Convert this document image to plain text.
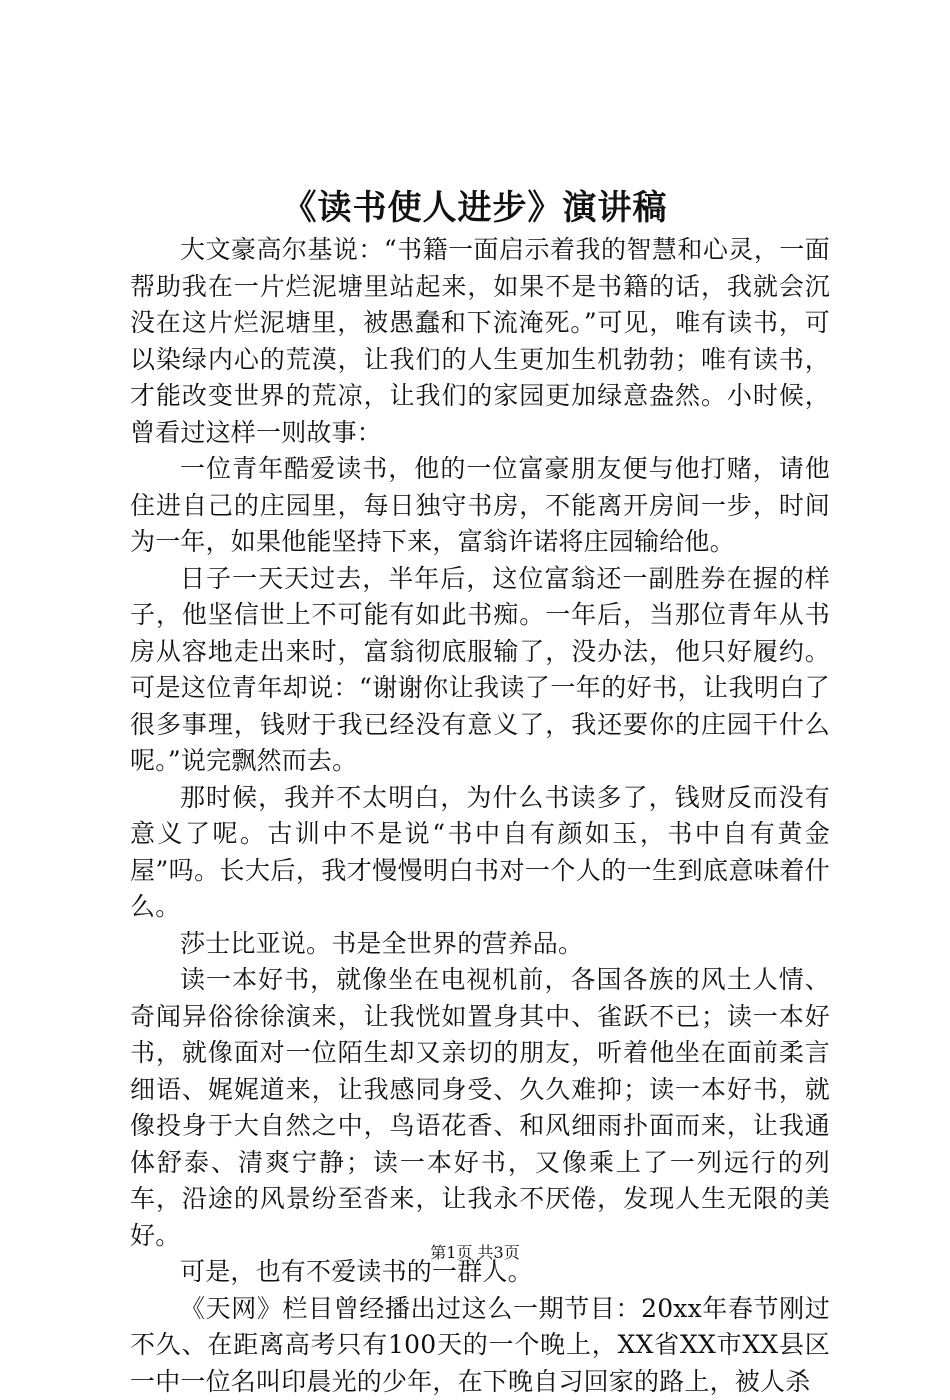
《读书使人进步》演讲稿

大文豪高尔基说：“书籍一面启示着我的智慧和心灵，一面帮助我在一片烂泥塘里站起来，如果不是书籍的话，我就会沉没在这片烂泥塘里，被愚蠢和下流淹死。”可见，唯有读书，可以染绿内心的荒漠，让我们的人生更加生机勃勃；唯有读书，才能改变世界的荒凉，让我们的家园更加绿意盎然。小时候，曾看过这样一则故事：

一位青年酷爱读书，他的一位富豪朋友便与他打赌，请他住进自己的庄园里，每日独守书房，不能离开房间一步，时间为一年，如果他能坚持下来，富翁许诺将庄园输给他。

日子一天天过去，半年后，这位富翁还一副胜券在握的样子，他坚信世上不可能有如此书痴。一年后，当那位青年从书房从容地走出来时，富翁彻底服输了，没办法，他只好履约。可是这位青年却说：“谢谢你让我读了一年的好书，让我明白了很多事理，钱财于我已经没有意义了，我还要你的庄园干什么呢。”说完飘然而去。

那时候，我并不太明白，为什么书读多了，钱财反而没有意义了呢。古训中不是说“书中自有颜如玉，书中自有黄金屋”吗。长大后，我才慢慢明白书对一个人的一生到底意味着什么。

莎士比亚说。书是全世界的营养品。

读一本好书，就像坐在电视机前，各国各族的风土人情、奇闻异俗徐徐演来，让我恍如置身其中、雀跃不已；读一本好书，就像面对一位陌生却又亲切的朋友，听着他坐在面前柔言细语、娓娓道来，让我感同身受、久久难抑；读一本好书，就像投身于大自然之中，鸟语花香、和风细雨扑面而来，让我通体舒泰、清爽宁静；读一本好书，又像乘上了一列远行的列车，沿途的风景纷至沓来，让我永不厌倦，发现人生无限的美好。

可是，也有不爱读书的一群人。

《天网》栏目曾经播出过这么一期节目：20xx年春节刚过不久、在距离高考只有100天的一个晚上，XX省XX市XX县区一中一位名叫印晨光的少年，在下晚自习回家的路上，被人杀

第1页 共3页
